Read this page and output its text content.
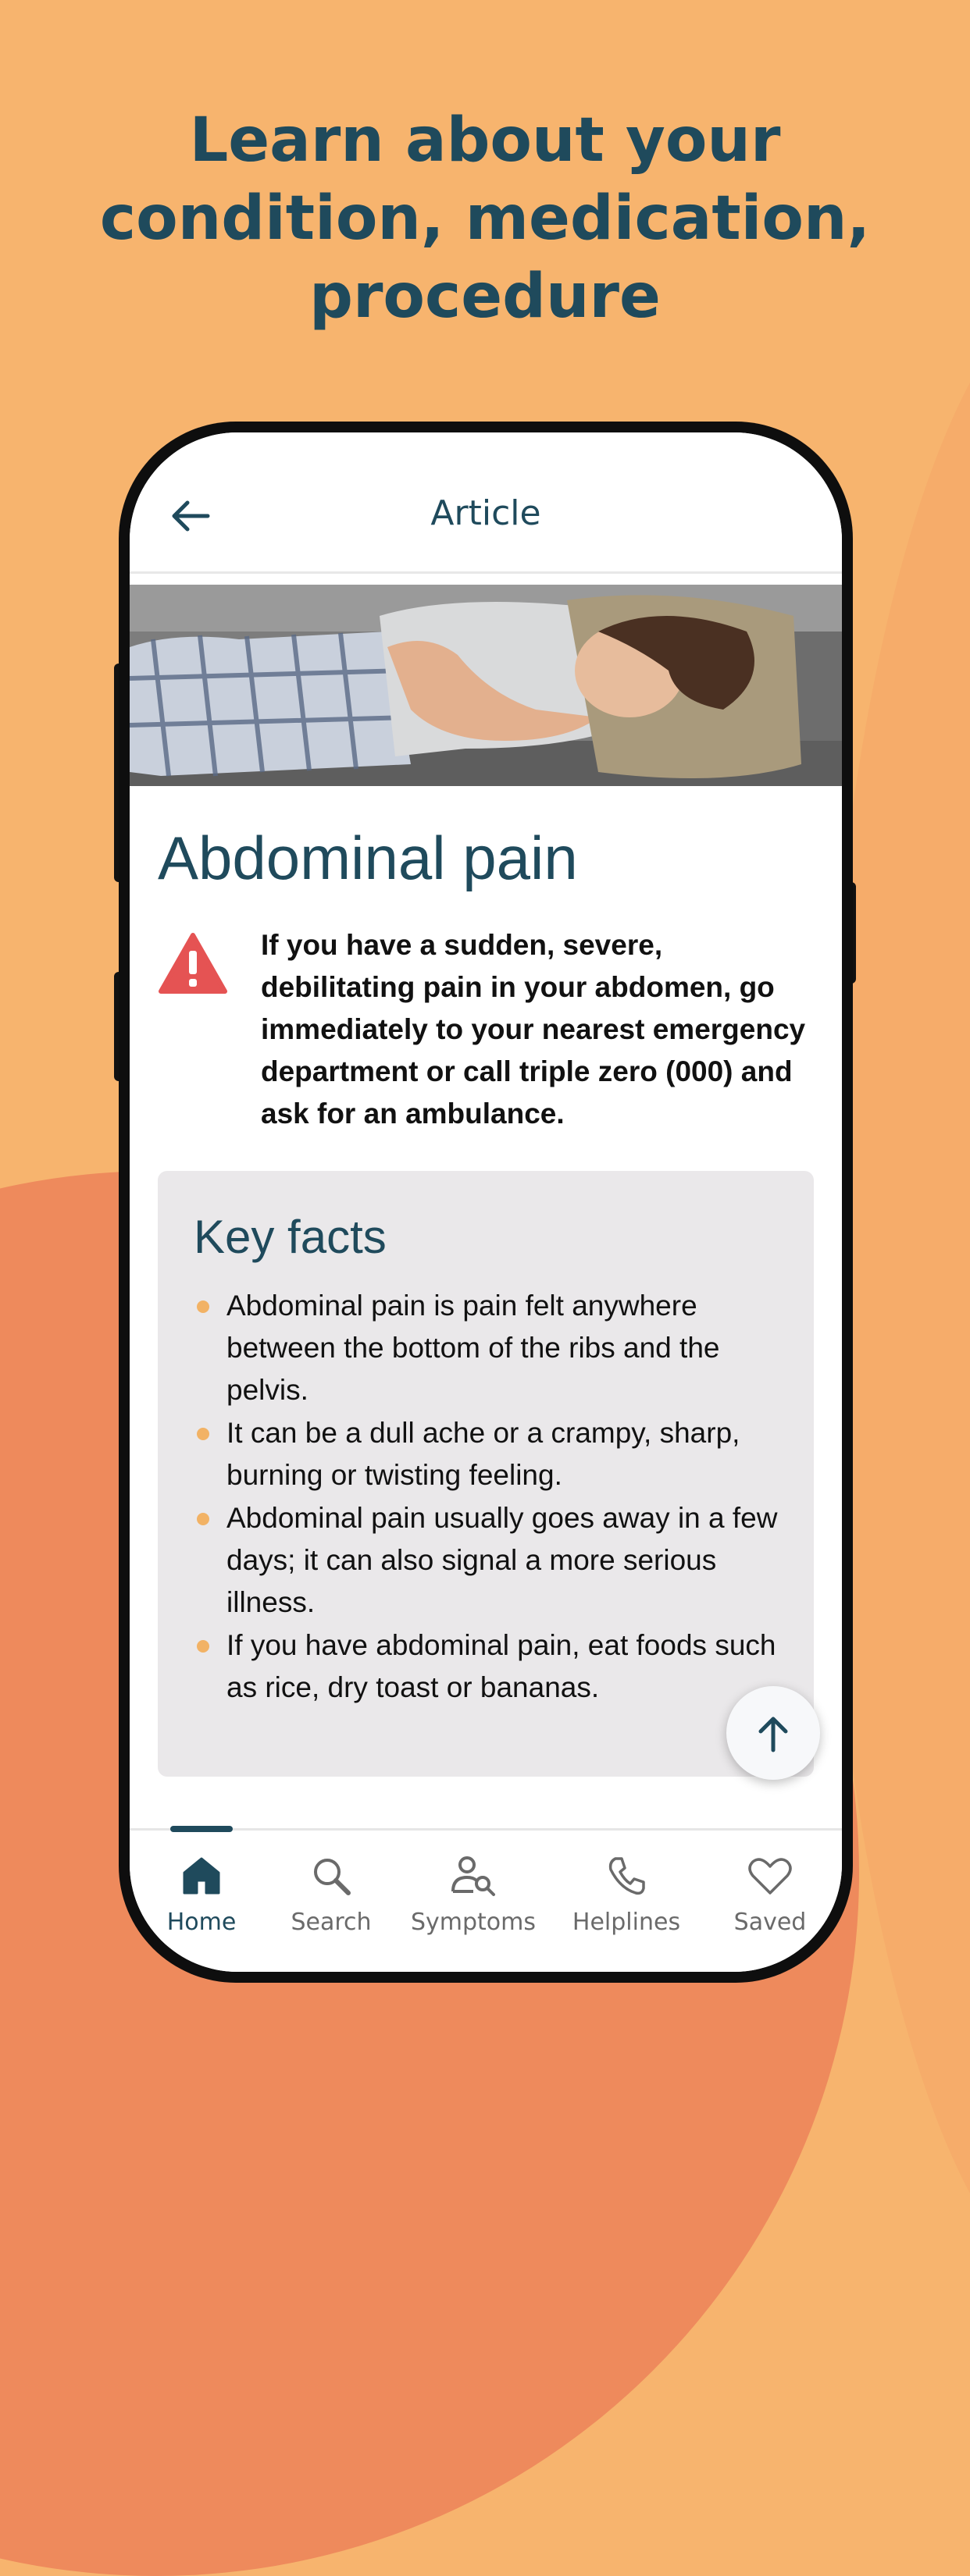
Learn about your
condition, medication,
procedure
Article
Abdominal pain
If you have a sudden, severe, debilitating pain in your abdomen, go immediately to your nearest emergency department or call triple zero (000) and ask for an ambulance.
Key facts
Abdominal pain is pain felt anywhere between the bottom of the ribs and the pelvis.
It can be a dull ache or a crampy, sharp, burning or twisting feeling.
Abdominal pain usually goes away in a few days; it can also signal a more serious illness.
If you have abdominal pain, eat foods such as rice, dry toast or bananas.
Home	Search	Symptoms	Helplines	Saved
